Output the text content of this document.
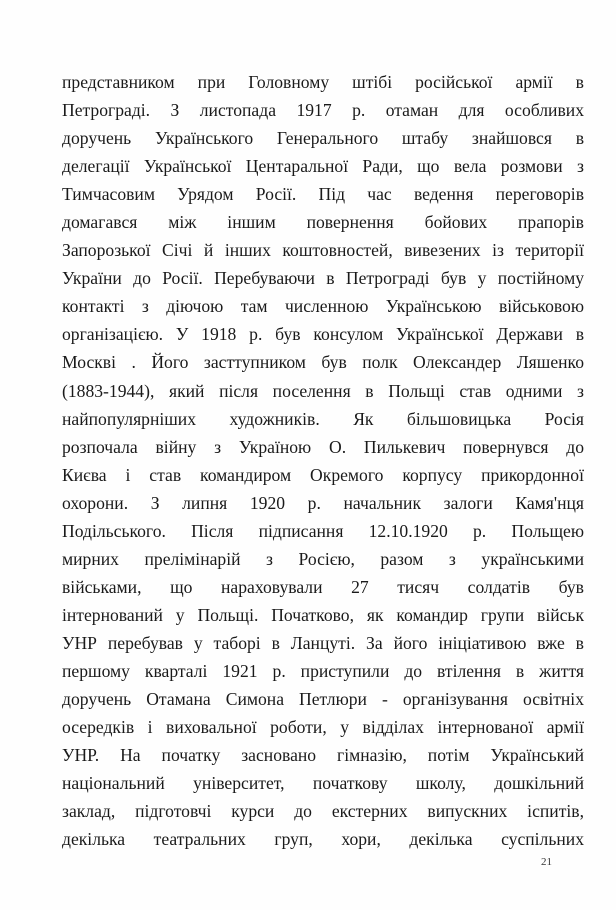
представником при Головному штібі російської армії в
Петрограді. З листопада 1917 р. отаман для особливих
доручень Українського Генерального штабу знайшовся в
делегації Української Центаральної Ради, що вела розмови з
Тимчасовим Урядом Росії. Під час ведення переговорів
домагався між іншим повернення бойових прапорів
Запорозької Січі й інших коштовностей, вивезених із території
України до Росії. Перебуваючи в Петрограді був у постійному
контакті з діючою там численною Українською військовою
організацією. У 1918 р. був консулом Української Держави в
Москві . Його засттупником був полк Олександер Ляшенко
(1883-1944), який після поселення в Польщі став одними з
найпопулярніших художників. Як більшовицька Росія
розпочала війну з Україною О. Пилькевич повернувся до
Києва і став командиром Окремого корпусу прикордонної
охорони. З липня 1920 р. начальник залоги Камя'нця
Подільського. Після підписання 12.10.1920 р. Польщею
мирних прелімінарій з Росією, разом з українськими
військами, що нараховували 27 тисяч солдатів був
інтернований у Польщі. Початково, як командир групи військ
УНР перебував у таборі в Ланцуті. За його ініціативою вже в
першому кварталі 1921 р. приступили до втілення в життя
доручень Отамана Симона Петлюри - організування освітніх
осередків і виховальної роботи, у відділах інтернованої армії
УНР. На початку засновано гімназію, потім Український
національний університет, початкову школу, дошкільний
заклад, підготовчі курси до екстерних випускних іспитів,
декілька театральних груп, хори, декілька суспільних
21
